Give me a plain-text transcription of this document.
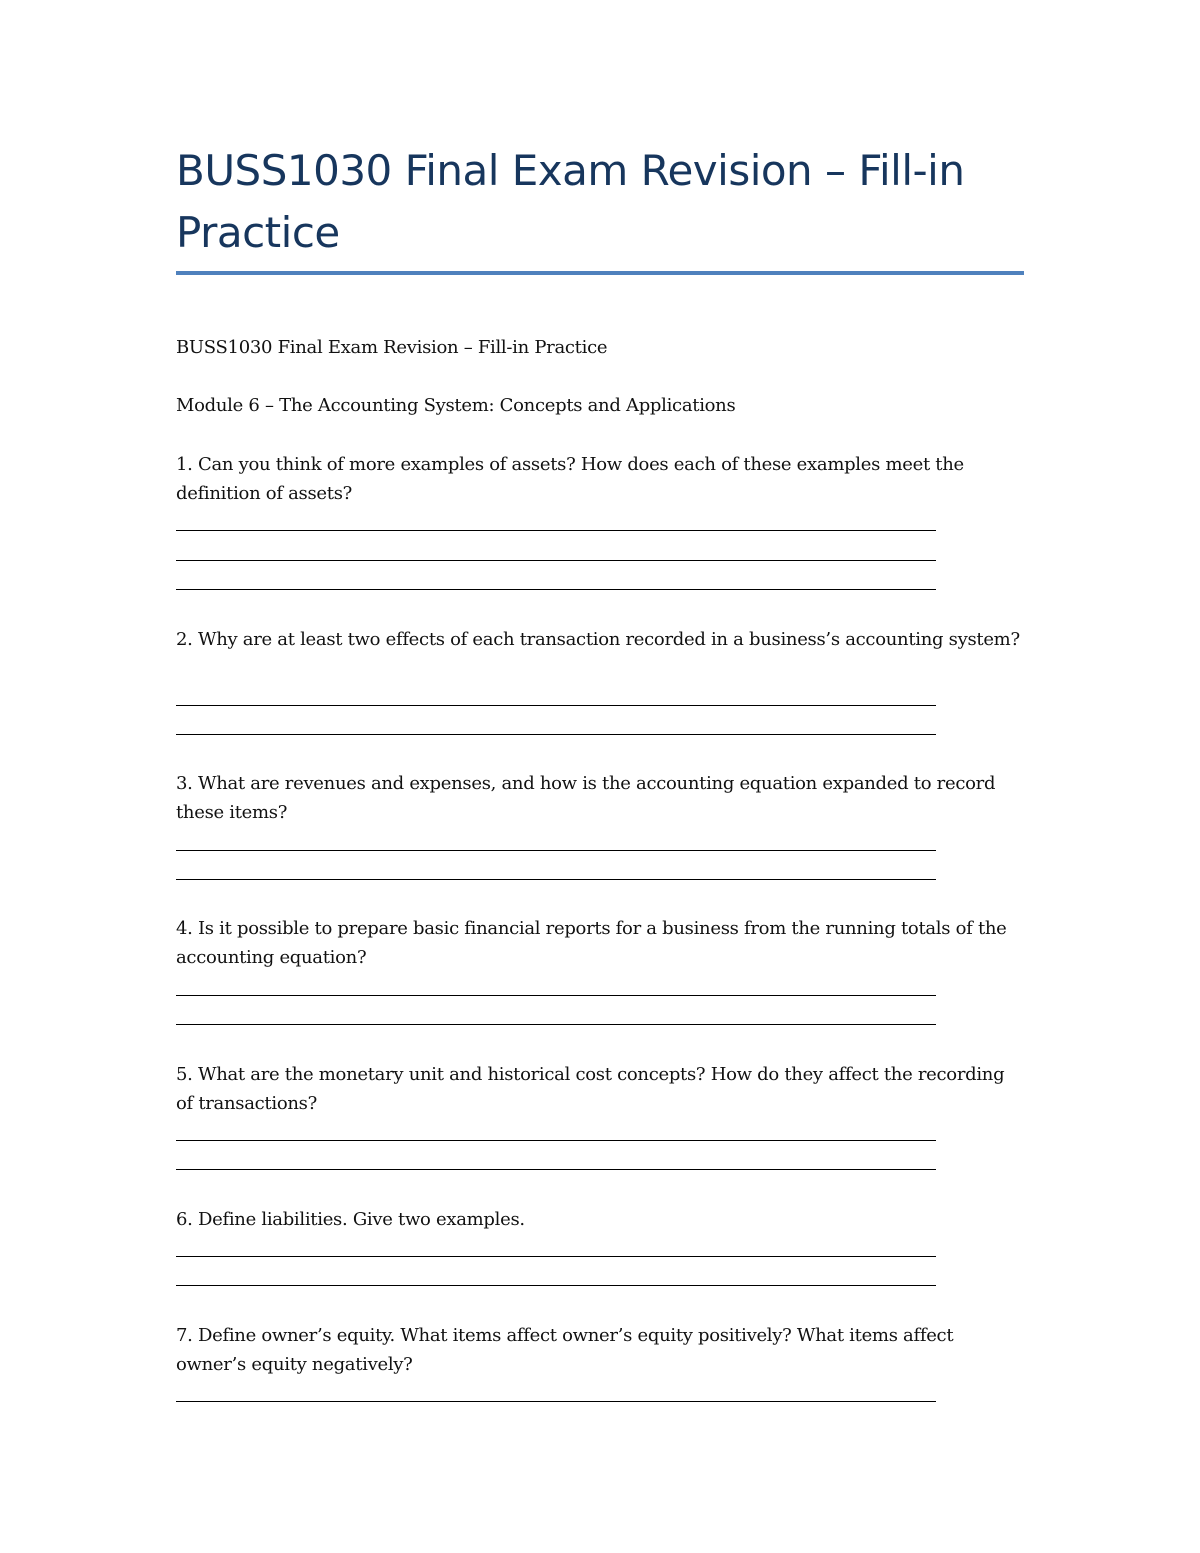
BUSS1030 Final Exam Revision – Fill-in Practice

BUSS1030 Final Exam Revision – Fill-in Practice

Module 6 – The Accounting System: Concepts and Applications

1. Can you think of more examples of assets? How does each of these examples meet the definition of assets?

2. Why are at least two effects of each transaction recorded in a business’s accounting system?

3. What are revenues and expenses, and how is the accounting equation expanded to record these items?

4. Is it possible to prepare basic financial reports for a business from the running totals of the accounting equation?

5. What are the monetary unit and historical cost concepts? How do they affect the recording of transactions?

6. Define liabilities. Give two examples.

7. Define owner’s equity. What items affect owner’s equity positively? What items affect owner’s equity negatively?
